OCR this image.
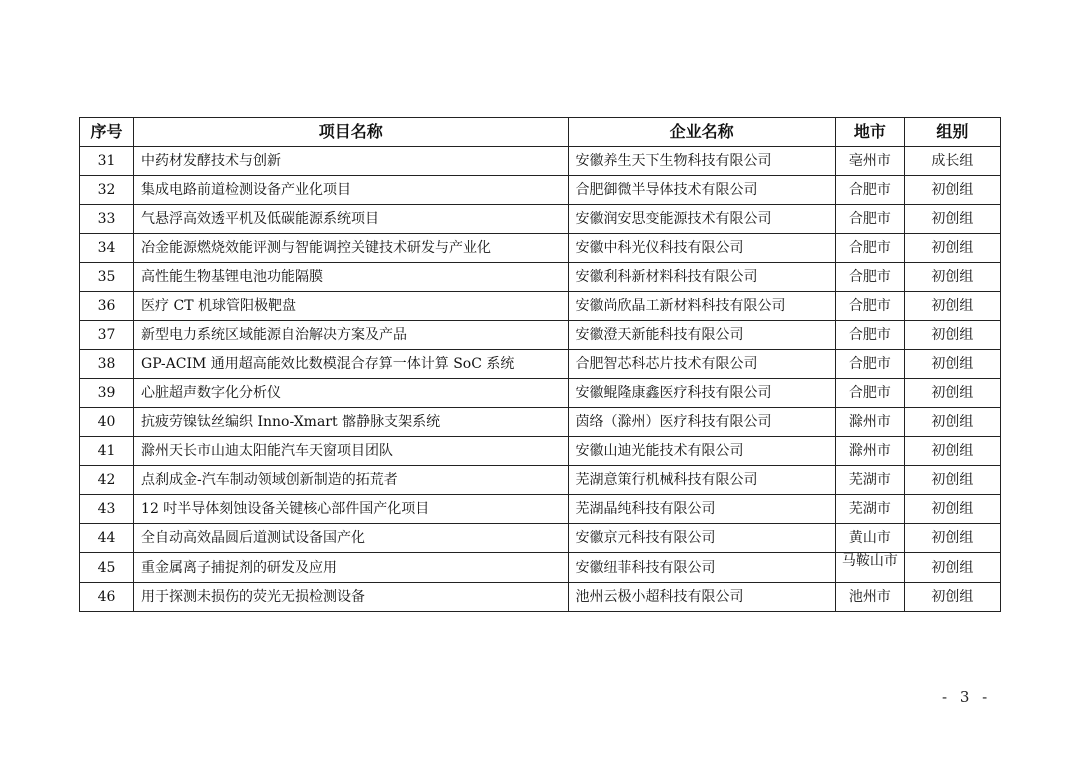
序号	项目名称	企业名称	地市	组别
31	中药材发酵技术与创新	安徽养生天下生物科技有限公司	亳州市	成长组
32	集成电路前道检测设备产业化项目	合肥御微半导体技术有限公司	合肥市	初创组
33	气悬浮高效透平机及低碳能源系统项目	安徽润安思变能源技术有限公司	合肥市	初创组
34	冶金能源燃烧效能评测与智能调控关键技术研发与产业化	安徽中科光仪科技有限公司	合肥市	初创组
35	高性能生物基锂电池功能隔膜	安徽利科新材料科技有限公司	合肥市	初创组
36	医疗 CT 机球管阳极靶盘	安徽尚欣晶工新材料科技有限公司	合肥市	初创组
37	新型电力系统区域能源自治解决方案及产品	安徽澄天新能科技有限公司	合肥市	初创组
38	GP-ACIM 通用超高能效比数模混合存算一体计算 SoC 系统	合肥智芯科芯片技术有限公司	合肥市	初创组
39	心脏超声数字化分析仪	安徽鲲隆康鑫医疗科技有限公司	合肥市	初创组
40	抗疲劳镍钛丝编织 Inno-Xmart 髂静脉支架系统	茵络（滁州）医疗科技有限公司	滁州市	初创组
41	滁州天长市山迪太阳能汽车天窗项目团队	安徽山迪光能技术有限公司	滁州市	初创组
42	点刹成金-汽车制动领域创新制造的拓荒者	芜湖意策行机械科技有限公司	芜湖市	初创组
43	12 吋半导体刻蚀设备关键核心部件国产化项目	芜湖晶纯科技有限公司	芜湖市	初创组
44	全自动高效晶圆后道测试设备国产化	安徽京元科技有限公司	黄山市	初创组
45	重金属离子捕捉剂的研发及应用	安徽纽菲科技有限公司	马鞍山市	初创组
46	用于探测未损伤的荧光无损检测设备	池州云极小超科技有限公司	池州市	初创组
- 3 -
